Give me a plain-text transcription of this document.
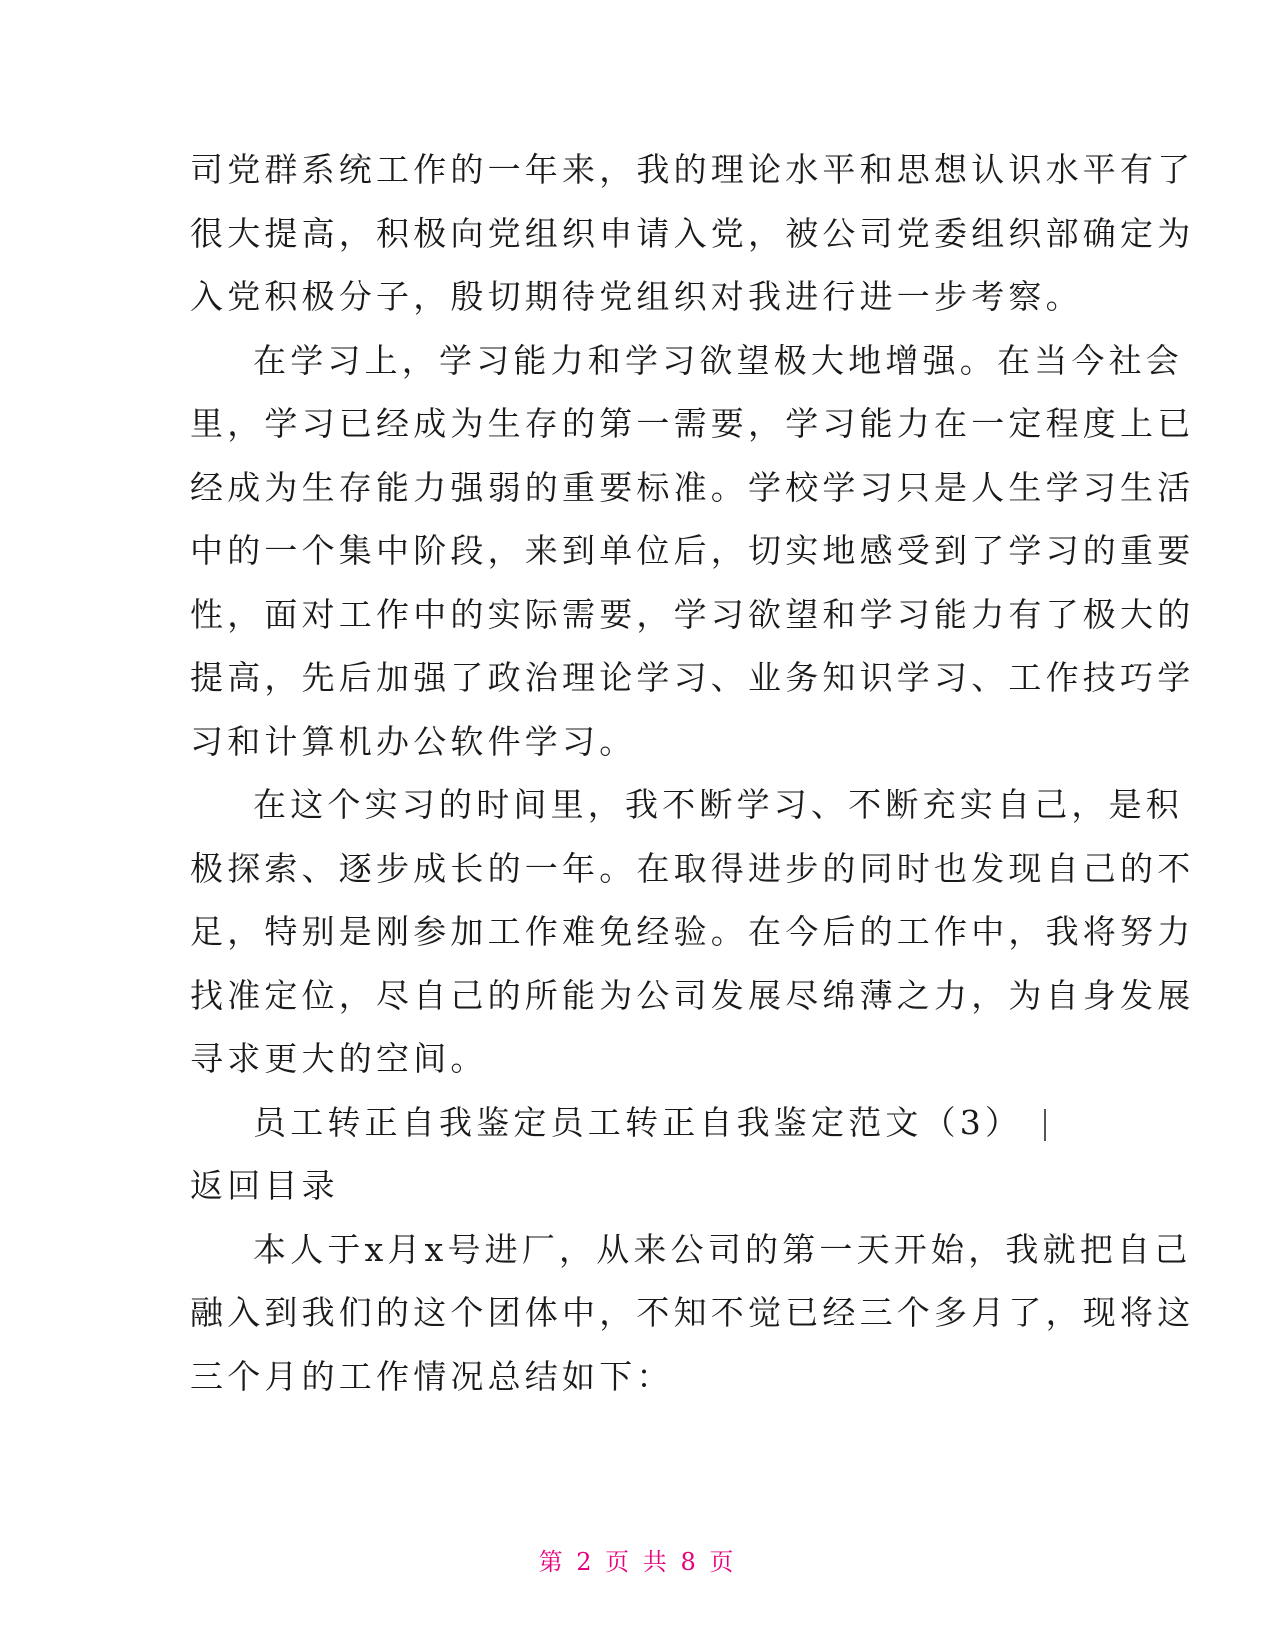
司党群系统工作的一年来，我的理论水平和思想认识水平有了
很大提高，积极向党组织申请入党，被公司党委组织部确定为
入党积极分子，殷切期待党组织对我进行进一步考察。
在学习上，学习能力和学习欲望极大地增强。在当今社会
里，学习已经成为生存的第一需要，学习能力在一定程度上已
经成为生存能力强弱的重要标准。学校学习只是人生学习生活
中的一个集中阶段，来到单位后，切实地感受到了学习的重要
性，面对工作中的实际需要，学习欲望和学习能力有了极大的
提高，先后加强了政治理论学习、业务知识学习、工作技巧学
习和计算机办公软件学习。
在这个实习的时间里，我不断学习、不断充实自己，是积
极探索、逐步成长的一年。在取得进步的同时也发现自己的不
足，特别是刚参加工作难免经验。在今后的工作中，我将努力
找准定位，尽自己的所能为公司发展尽绵薄之力，为自身发展
寻求更大的空间。
员工转正自我鉴定员工转正自我鉴定范文（3）
返回目录
本人于x月x号进厂，从来公司的第一天开始，我就把自己
融入到我们的这个团体中，不知不觉已经三个多月了，现将这
三个月的工作情况总结如下：
第 2 页 共 8 页
